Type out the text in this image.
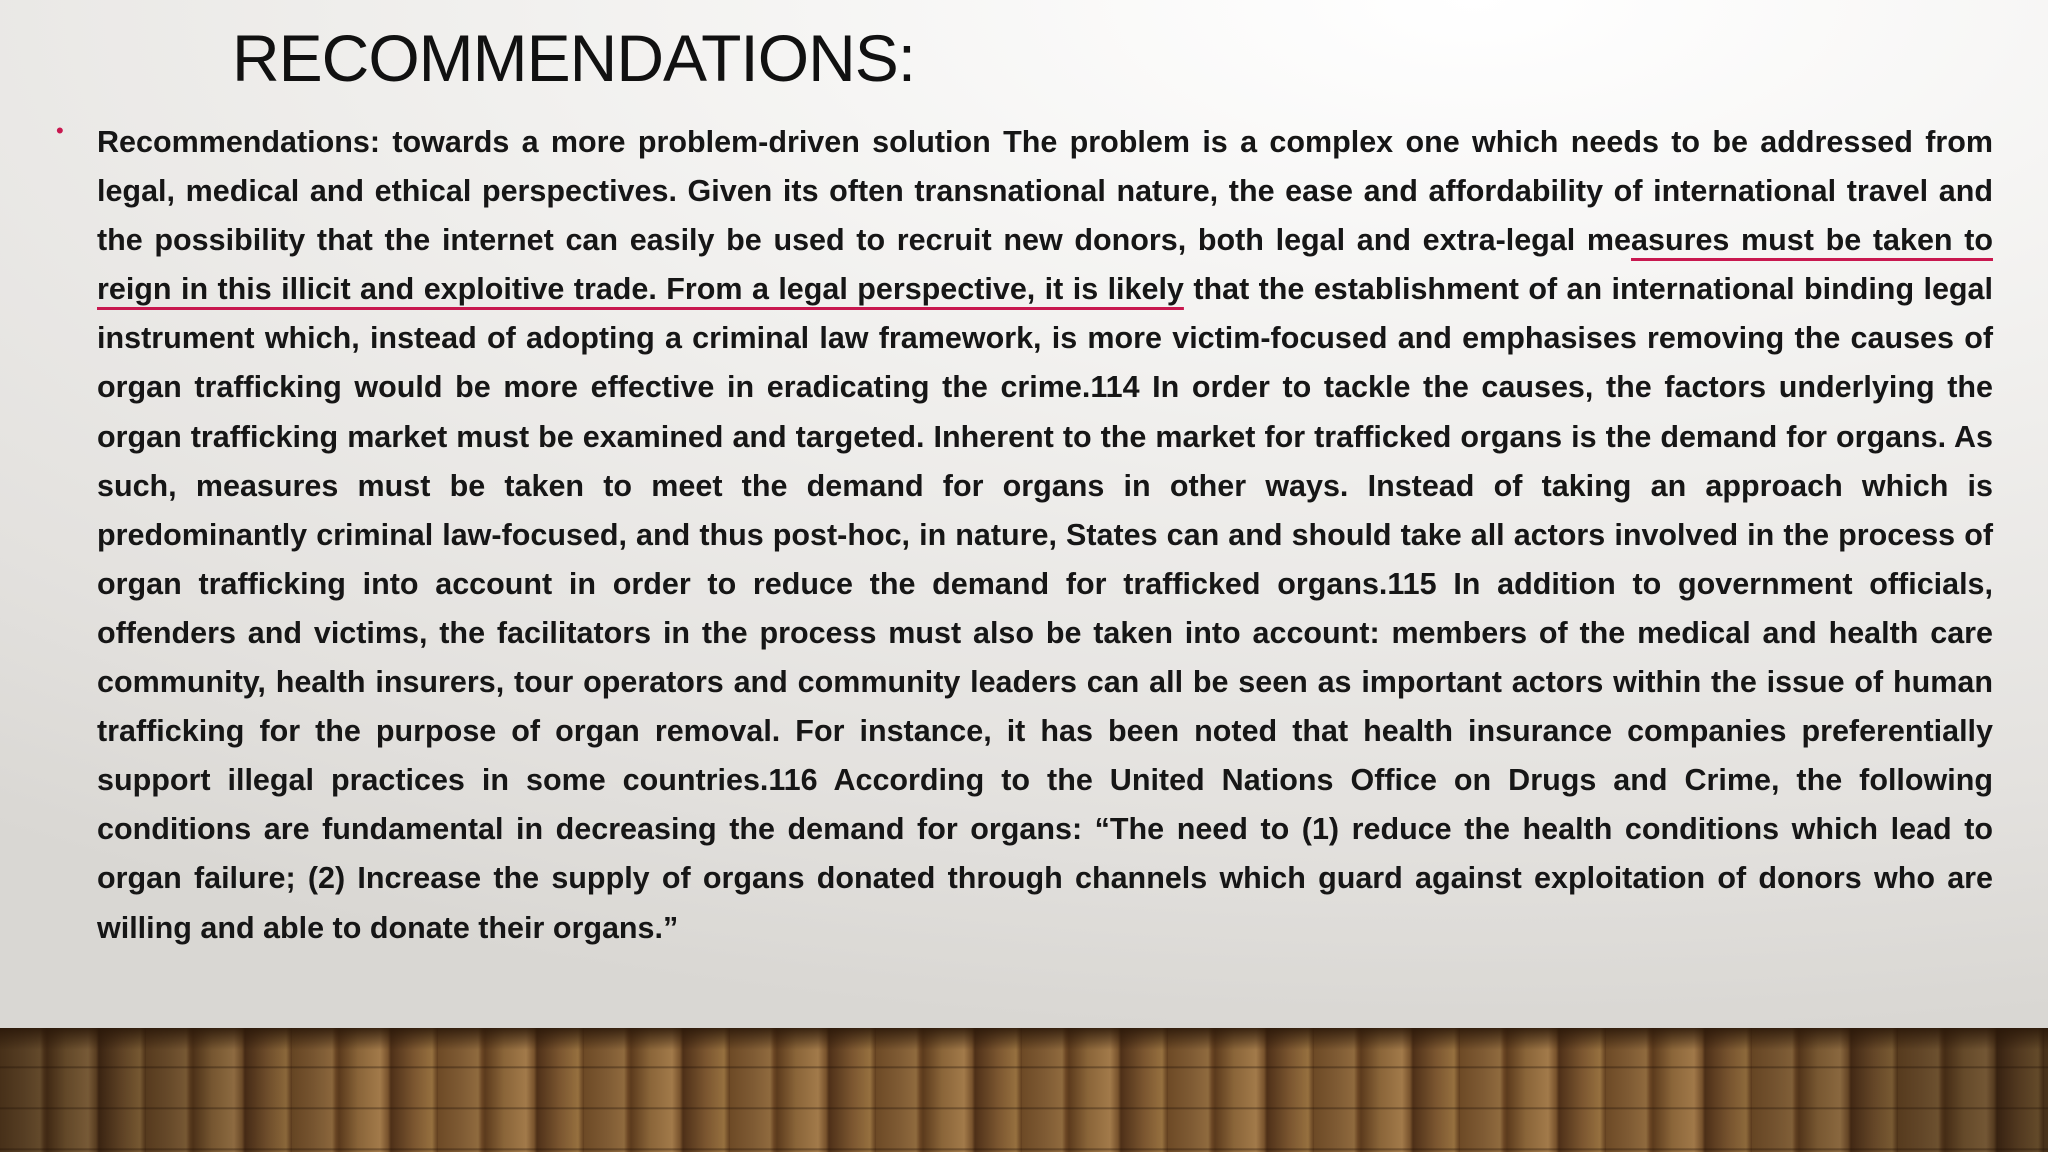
RECOMMENDATIONS:
• Recommendations: towards a more problem-driven solution The problem is a complex one which needs to be addressed from legal, medical and ethical perspectives. Given its often transnational nature, the ease and affordability of international travel and the possibility that the internet can easily be used to recruit new donors, both legal and extra-legal measures must be taken to reign in this illicit and exploitive trade. From a legal perspective, it is likely that the establishment of an international binding legal instrument which, instead of adopting a criminal law framework, is more victim-focused and emphasises removing the causes of organ trafficking would be more effective in eradicating the crime.114 In order to tackle the causes, the factors underlying the organ trafficking market must be examined and targeted. Inherent to the market for trafficked organs is the demand for organs. As such, measures must be taken to meet the demand for organs in other ways. Instead of taking an approach which is predominantly criminal law-focused, and thus post-hoc, in nature, States can and should take all actors involved in the process of organ trafficking into account in order to reduce the demand for trafficked organs.115 In addition to government officials, offenders and victims, the facilitators in the process must also be taken into account: members of the medical and health care community, health insurers, tour operators and community leaders can all be seen as important actors within the issue of human trafficking for the purpose of organ removal. For instance, it has been noted that health insurance companies preferentially support illegal practices in some countries.116 According to the United Nations Office on Drugs and Crime, the following conditions are fundamental in decreasing the demand for organs: “The need to (1) reduce the health conditions which lead to organ failure; (2) Increase the supply of organs donated through channels which guard against exploitation of donors who are willing and able to donate their organs.”
